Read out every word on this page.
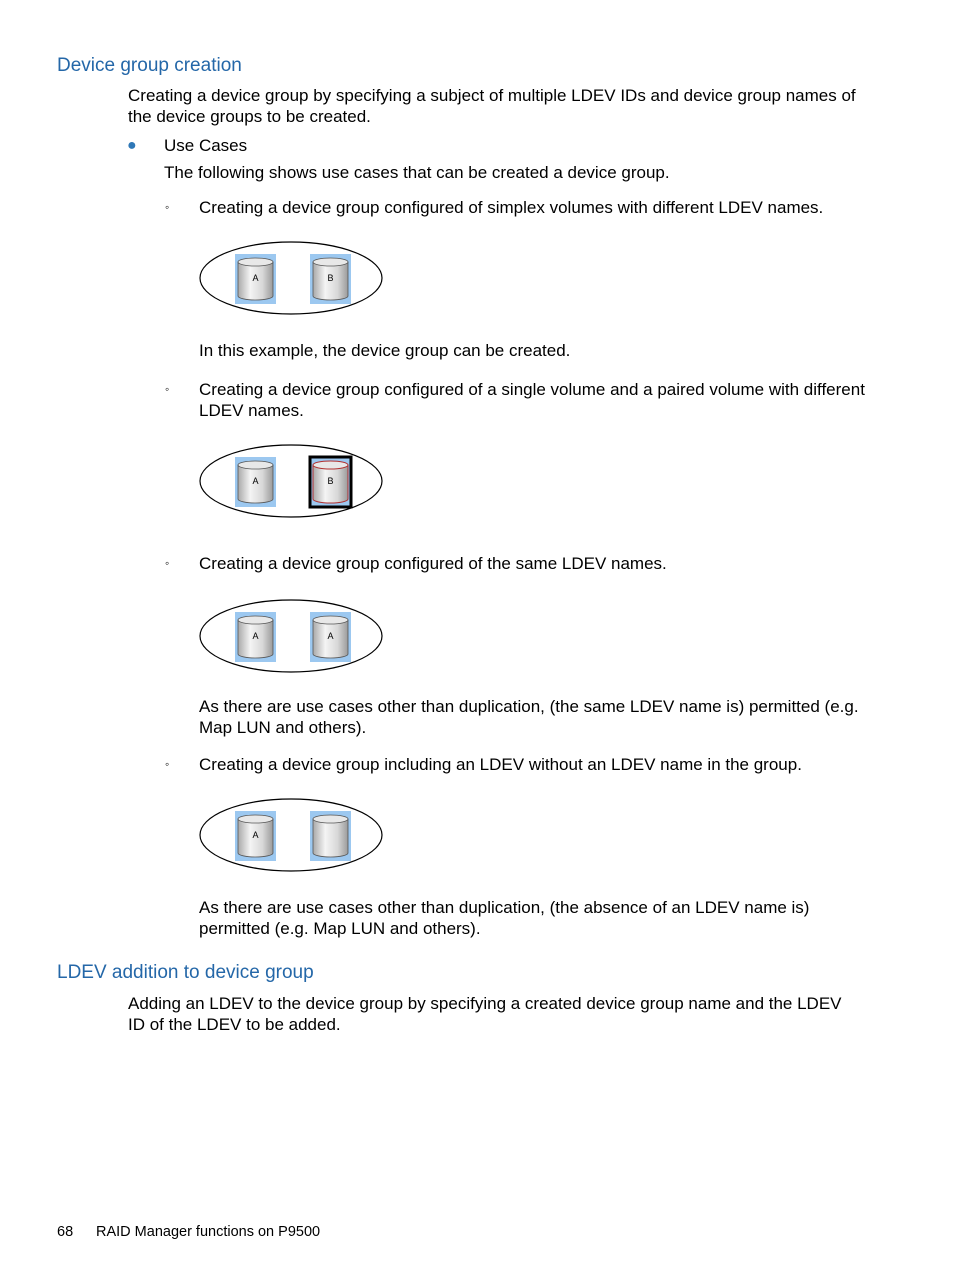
Device group creation

Creating a device group by specifying a subject of multiple LDEV IDs and device group names of the device groups to be created.

● Use Cases

The following shows use cases that can be created a device group.

◦ Creating a device group configured of simplex volumes with different LDEV names.

A	B

In this example, the device group can be created.

◦ Creating a device group configured of a single volume and a paired volume with different LDEV names.

A	B
◦ Creating a device group configured of the same LDEV names.

A	A

As there are use cases other than duplication, (the same LDEV name is) permitted (e.g. Map LUN and others).

◦ Creating a device group including an LDEV without an LDEV name in the group.

A

As there are use cases other than duplication, (the absence of an LDEV name is) permitted (e.g. Map LUN and others).

LDEV addition to device group

Adding an LDEV to the device group by specifying a created device group name and the LDEV ID of the LDEV to be added.

68 RAID Manager functions on P9500
